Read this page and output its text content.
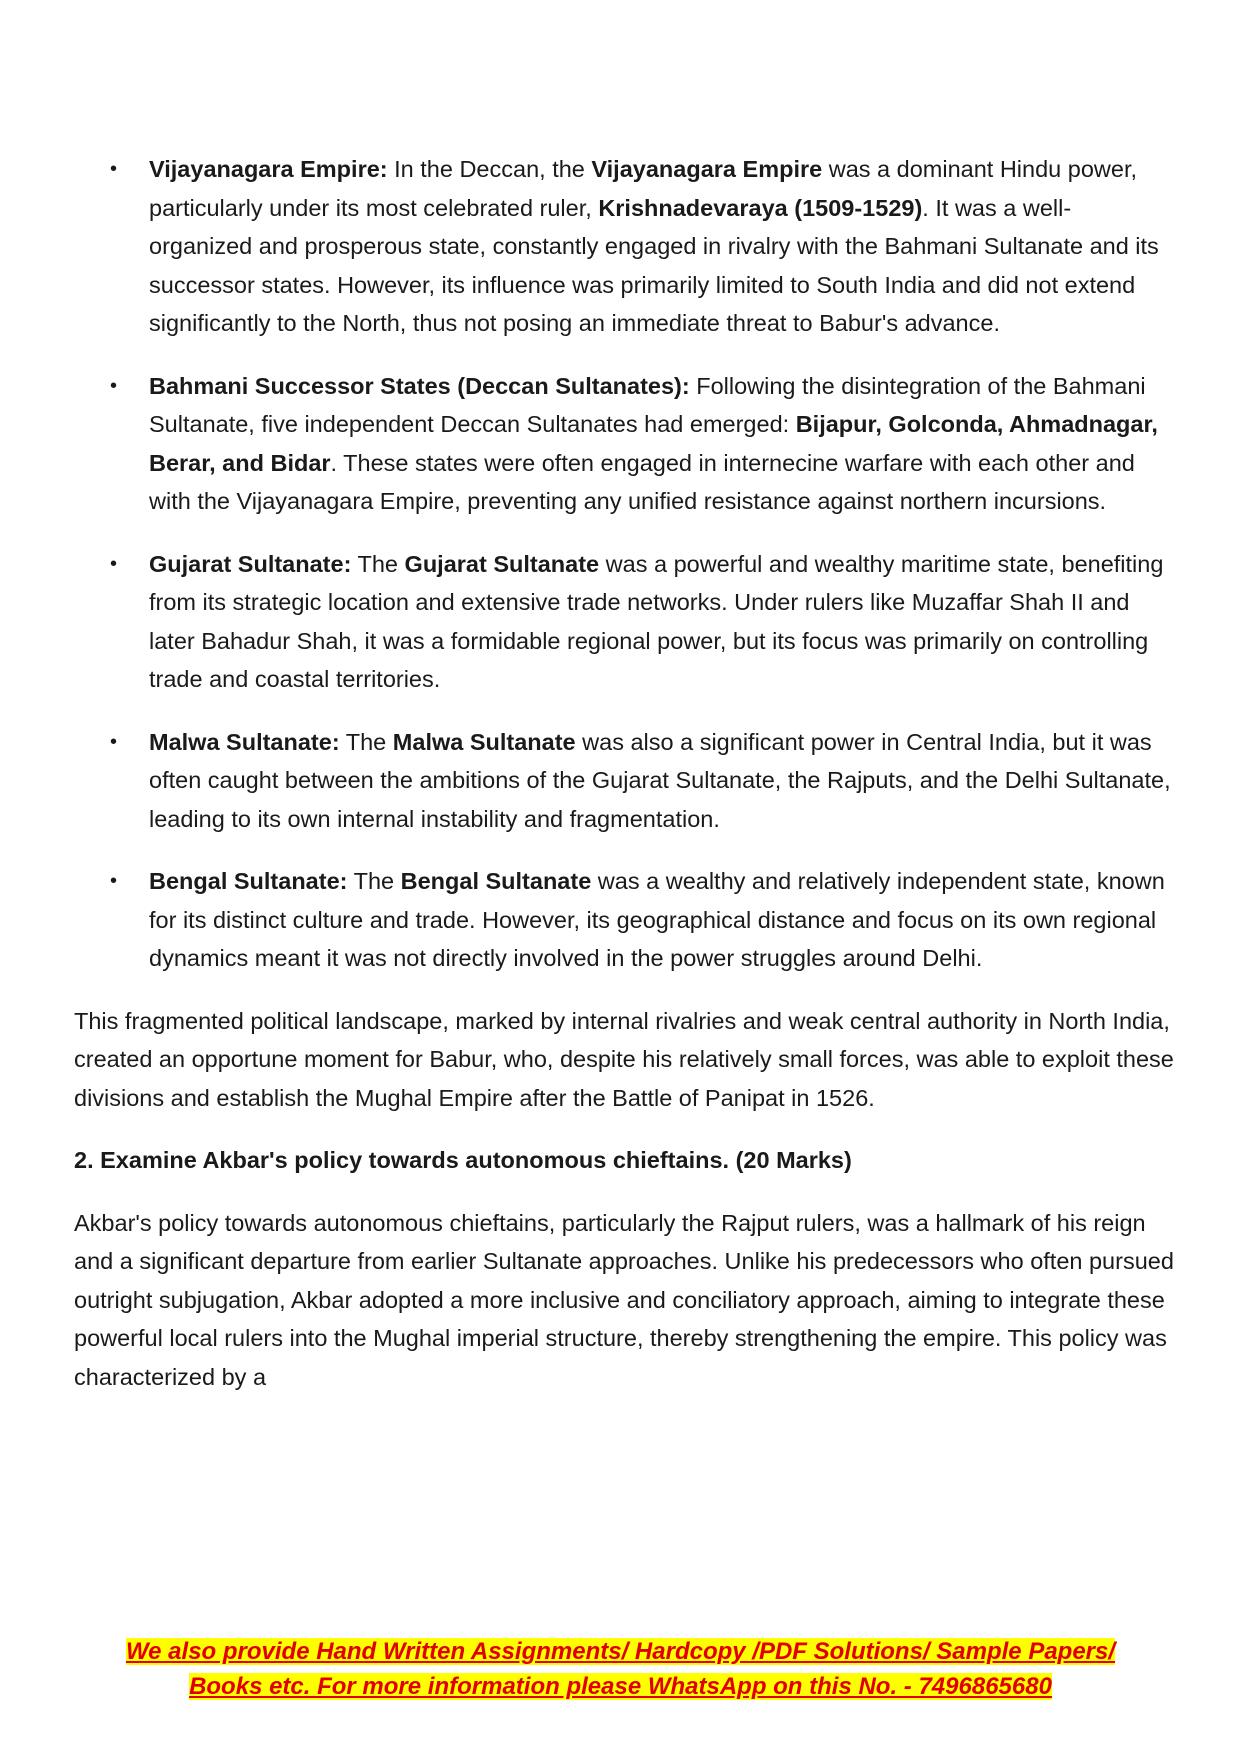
• Vijayanagara Empire: In the Deccan, the Vijayanagara Empire was a dominant Hindu power, particularly under its most celebrated ruler, Krishnadevaraya (1509-1529). It was a well-organized and prosperous state, constantly engaged in rivalry with the Bahmani Sultanate and its successor states. However, its influence was primarily limited to South India and did not extend significantly to the North, thus not posing an immediate threat to Babur's advance.
• Bahmani Successor States (Deccan Sultanates): Following the disintegration of the Bahmani Sultanate, five independent Deccan Sultanates had emerged: Bijapur, Golconda, Ahmadnagar, Berar, and Bidar. These states were often engaged in internecine warfare with each other and with the Vijayanagara Empire, preventing any unified resistance against northern incursions.
• Gujarat Sultanate: The Gujarat Sultanate was a powerful and wealthy maritime state, benefiting from its strategic location and extensive trade networks. Under rulers like Muzaffar Shah II and later Bahadur Shah, it was a formidable regional power, but its focus was primarily on controlling trade and coastal territories.
• Malwa Sultanate: The Malwa Sultanate was also a significant power in Central India, but it was often caught between the ambitions of the Gujarat Sultanate, the Rajputs, and the Delhi Sultanate, leading to its own internal instability and fragmentation.
• Bengal Sultanate: The Bengal Sultanate was a wealthy and relatively independent state, known for its distinct culture and trade. However, its geographical distance and focus on its own regional dynamics meant it was not directly involved in the power struggles around Delhi.

This fragmented political landscape, marked by internal rivalries and weak central authority in North India, created an opportune moment for Babur, who, despite his relatively small forces, was able to exploit these divisions and establish the Mughal Empire after the Battle of Panipat in 1526.

2. Examine Akbar's policy towards autonomous chieftains. (20 Marks)

Akbar's policy towards autonomous chieftains, particularly the Rajput rulers, was a hallmark of his reign and a significant departure from earlier Sultanate approaches. Unlike his predecessors who often pursued outright subjugation, Akbar adopted a more inclusive and conciliatory approach, aiming to integrate these powerful local rulers into the Mughal imperial structure, thereby strengthening the empire. This policy was characterized by a

We also provide Hand Written Assignments/ Hardcopy /PDF Solutions/ Sample Papers/
Books etc. For more information please WhatsApp on this No. - 7496865680
